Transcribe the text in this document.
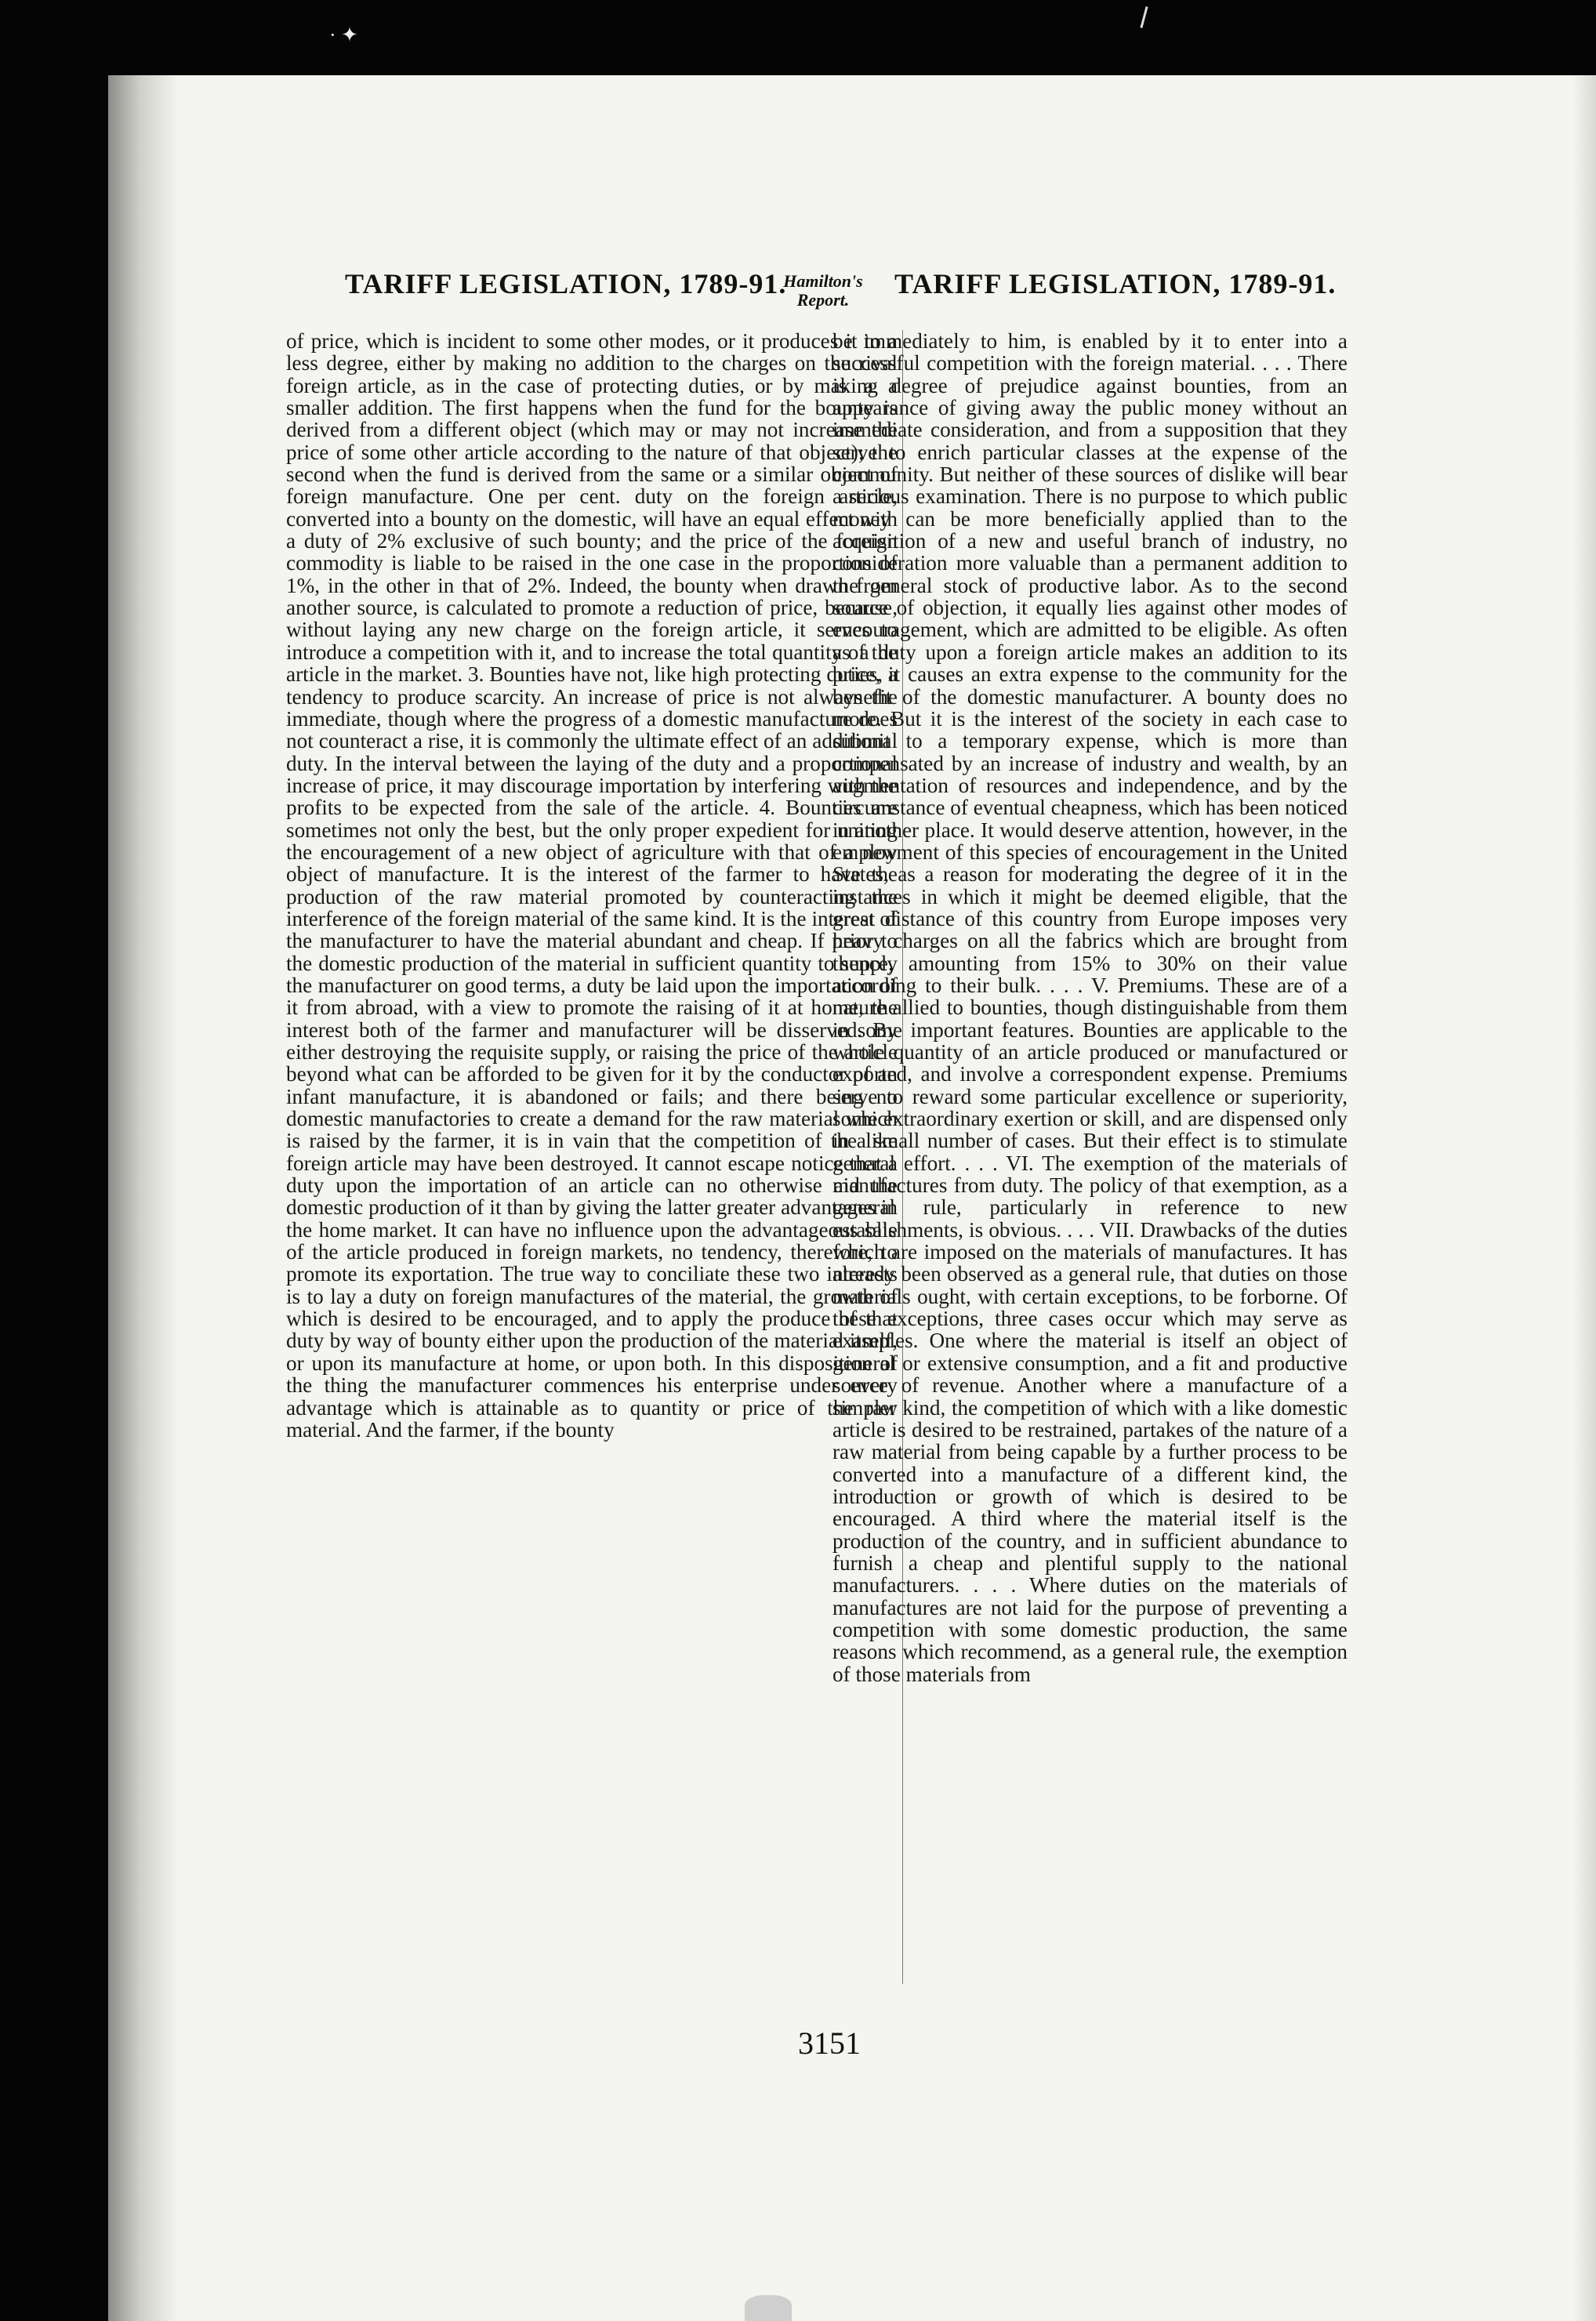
· ✦
TARIFF LEGISLATION, 1789-91.
Hamilton's
Report.
TARIFF LEGISLATION, 1789-91.
of price, which is incident to some other modes, or it produces it to a less degree, either by making no addition to the charges on the rival foreign article, as in the case of protecting duties, or by making a smaller addition. The first happens when the fund for the bounty is derived from a different object (which may or may not increase the price of some other article according to the nature of that object); the second when the fund is derived from the same or a similar object of foreign manufacture. One per cent. duty on the foreign article, converted into a bounty on the domestic, will have an equal effect with a duty of 2% exclusive of such bounty; and the price of the foreign commodity is liable to be raised in the one case in the proportion of 1%, in the other in that of 2%. Indeed, the bounty when drawn from another source, is calculated to promote a reduction of price, because, without laying any new charge on the foreign article, it serves to introduce a competition with it, and to increase the total quantity of the article in the market. 3. Bounties have not, like high protecting duties, a tendency to produce scarcity. An increase of price is not always the immediate, though where the progress of a domestic manufacture does not counteract a rise, it is commonly the ultimate effect of an additional duty. In the interval between the laying of the duty and a proportional increase of price, it may discourage importation by interfering with the profits to be expected from the sale of the article. 4. Bounties are sometimes not only the best, but the only proper expedient for uniting the encouragement of a new object of agriculture with that of a new object of manufacture. It is the interest of the farmer to have the production of the raw material promoted by counteracting the interference of the foreign material of the same kind. It is the interest of the manufacturer to have the material abundant and cheap. If prior to the domestic production of the material in sufficient quantity to supply the manufacturer on good terms, a duty be laid upon the importation of it from abroad, with a view to promote the raising of it at home, the interest both of the farmer and manufacturer will be disserved. By either destroying the requisite supply, or raising the price of the article beyond what can be afforded to be given for it by the conductor of an infant manufacture, it is abandoned or fails; and there being no domestic manufactories to create a demand for the raw material which is raised by the farmer, it is in vain that the competition of the like foreign article may have been destroyed. It cannot escape notice that a duty upon the importation of an article can no otherwise aid the domestic production of it than by giving the latter greater advantages in the home market. It can have no influence upon the advantageous sale of the article produced in foreign markets, no tendency, therefore, to promote its exportation. The true way to conciliate these two interests is to lay a duty on foreign manufactures of the material, the growth of which is desired to be encouraged, and to apply the produce of that duty by way of bounty either upon the production of the material itself, or upon its manufacture at home, or upon both. In this disposition of the thing the manufacturer commences his enterprise under every advantage which is attainable as to quantity or price of the raw material. And the farmer, if the bounty
be immediately to him, is enabled by it to enter into a successful competition with the foreign material. . . . There is a degree of prejudice against bounties, from an appearance of giving away the public money without an immediate consideration, and from a supposition that they serve to enrich particular classes at the expense of the community. But neither of these sources of dislike will bear a serious examination. There is no purpose to which public money can be more beneficially applied than to the acquisition of a new and useful branch of industry, no consideration more valuable than a permanent addition to the general stock of productive labor. As to the second source of objection, it equally lies against other modes of encouragement, which are admitted to be eligible. As often as a duty upon a foreign article makes an addition to its price, it causes an extra expense to the community for the benefit of the domestic manufacturer. A bounty does no more. But it is the interest of the society in each case to submit to a temporary expense, which is more than compensated by an increase of industry and wealth, by an augmentation of resources and independence, and by the circumstance of eventual cheapness, which has been noticed in another place. It would deserve attention, however, in the employment of this species of encouragement in the United States, as a reason for moderating the degree of it in the instances in which it might be deemed eligible, that the great distance of this country from Europe imposes very heavy charges on all the fabrics which are brought from thence, amounting from 15% to 30% on their value according to their bulk. . . . V. Premiums. These are of a nature allied to bounties, though distinguishable from them in some important features. Bounties are applicable to the whole quantity of an article produced or manufactured or exported, and involve a correspondent expense. Premiums serve to reward some particular excellence or superiority, some extraordinary exertion or skill, and are dispensed only in a small number of cases. But their effect is to stimulate general effort. . . . VI. The exemption of the materials of manufactures from duty. The policy of that exemption, as a general rule, particularly in reference to new establishments, is obvious. . . . VII. Drawbacks of the duties which are imposed on the materials of manufactures. It has already been observed as a general rule, that duties on those materials ought, with certain exceptions, to be forborne. Of these exceptions, three cases occur which may serve as examples. One where the material is itself an object of general or extensive consumption, and a fit and productive source of revenue. Another where a manufacture of a simpler kind, the competition of which with a like domestic article is desired to be restrained, partakes of the nature of a raw material from being capable by a further process to be converted into a manufacture of a different kind, the introduction or growth of which is desired to be encouraged. A third where the material itself is the production of the country, and in sufficient abundance to furnish a cheap and plentiful supply to the national manufacturers. . . . Where duties on the materials of manufactures are not laid for the purpose of preventing a competition with some domestic production, the same reasons which recommend, as a general rule, the exemption of those materials from
3151
